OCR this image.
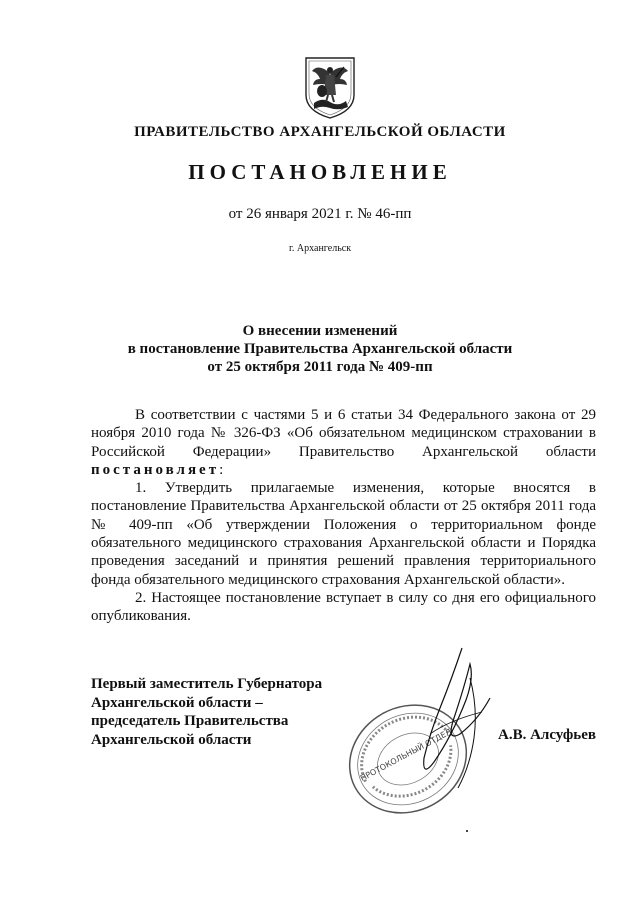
ПРАВИТЕЛЬСТВО АРХАНГЕЛЬСКОЙ ОБЛАСТИ
ПОСТАНОВЛЕНИЕ
от 26 января 2021 г. № 46-пп
г. Архангельск
О внесении изменений
в постановление Правительства Архангельской области
от 25 октября 2011 года № 409-пп

В соответствии с частями 5 и 6 статьи 34 Федерального закона от 29 ноября 2010 года № 326-ФЗ «Об обязательном медицинском страховании в Российской Федерации» Правительство Архангельской области постановляет:

1. Утвердить прилагаемые изменения, которые вносятся в постановление Правительства Архангельской области от 25 октября 2011 года № 409-пп «Об утверждении Положения о территориальном фонде обязательного медицинского страхования Архангельской области и Порядка проведения заседаний и принятия решений правления территориального фонда обязательного медицинского страхования Архангельской области».

2. Настоящее постановление вступает в силу со дня его официального опубликования.

Первый заместитель Губернатора
Архангельской области –
председатель Правительства
Архангельской области	ПРОТОКОЛЬНЫЙ ОТДЕЛ	А.В. Алсуфьев
